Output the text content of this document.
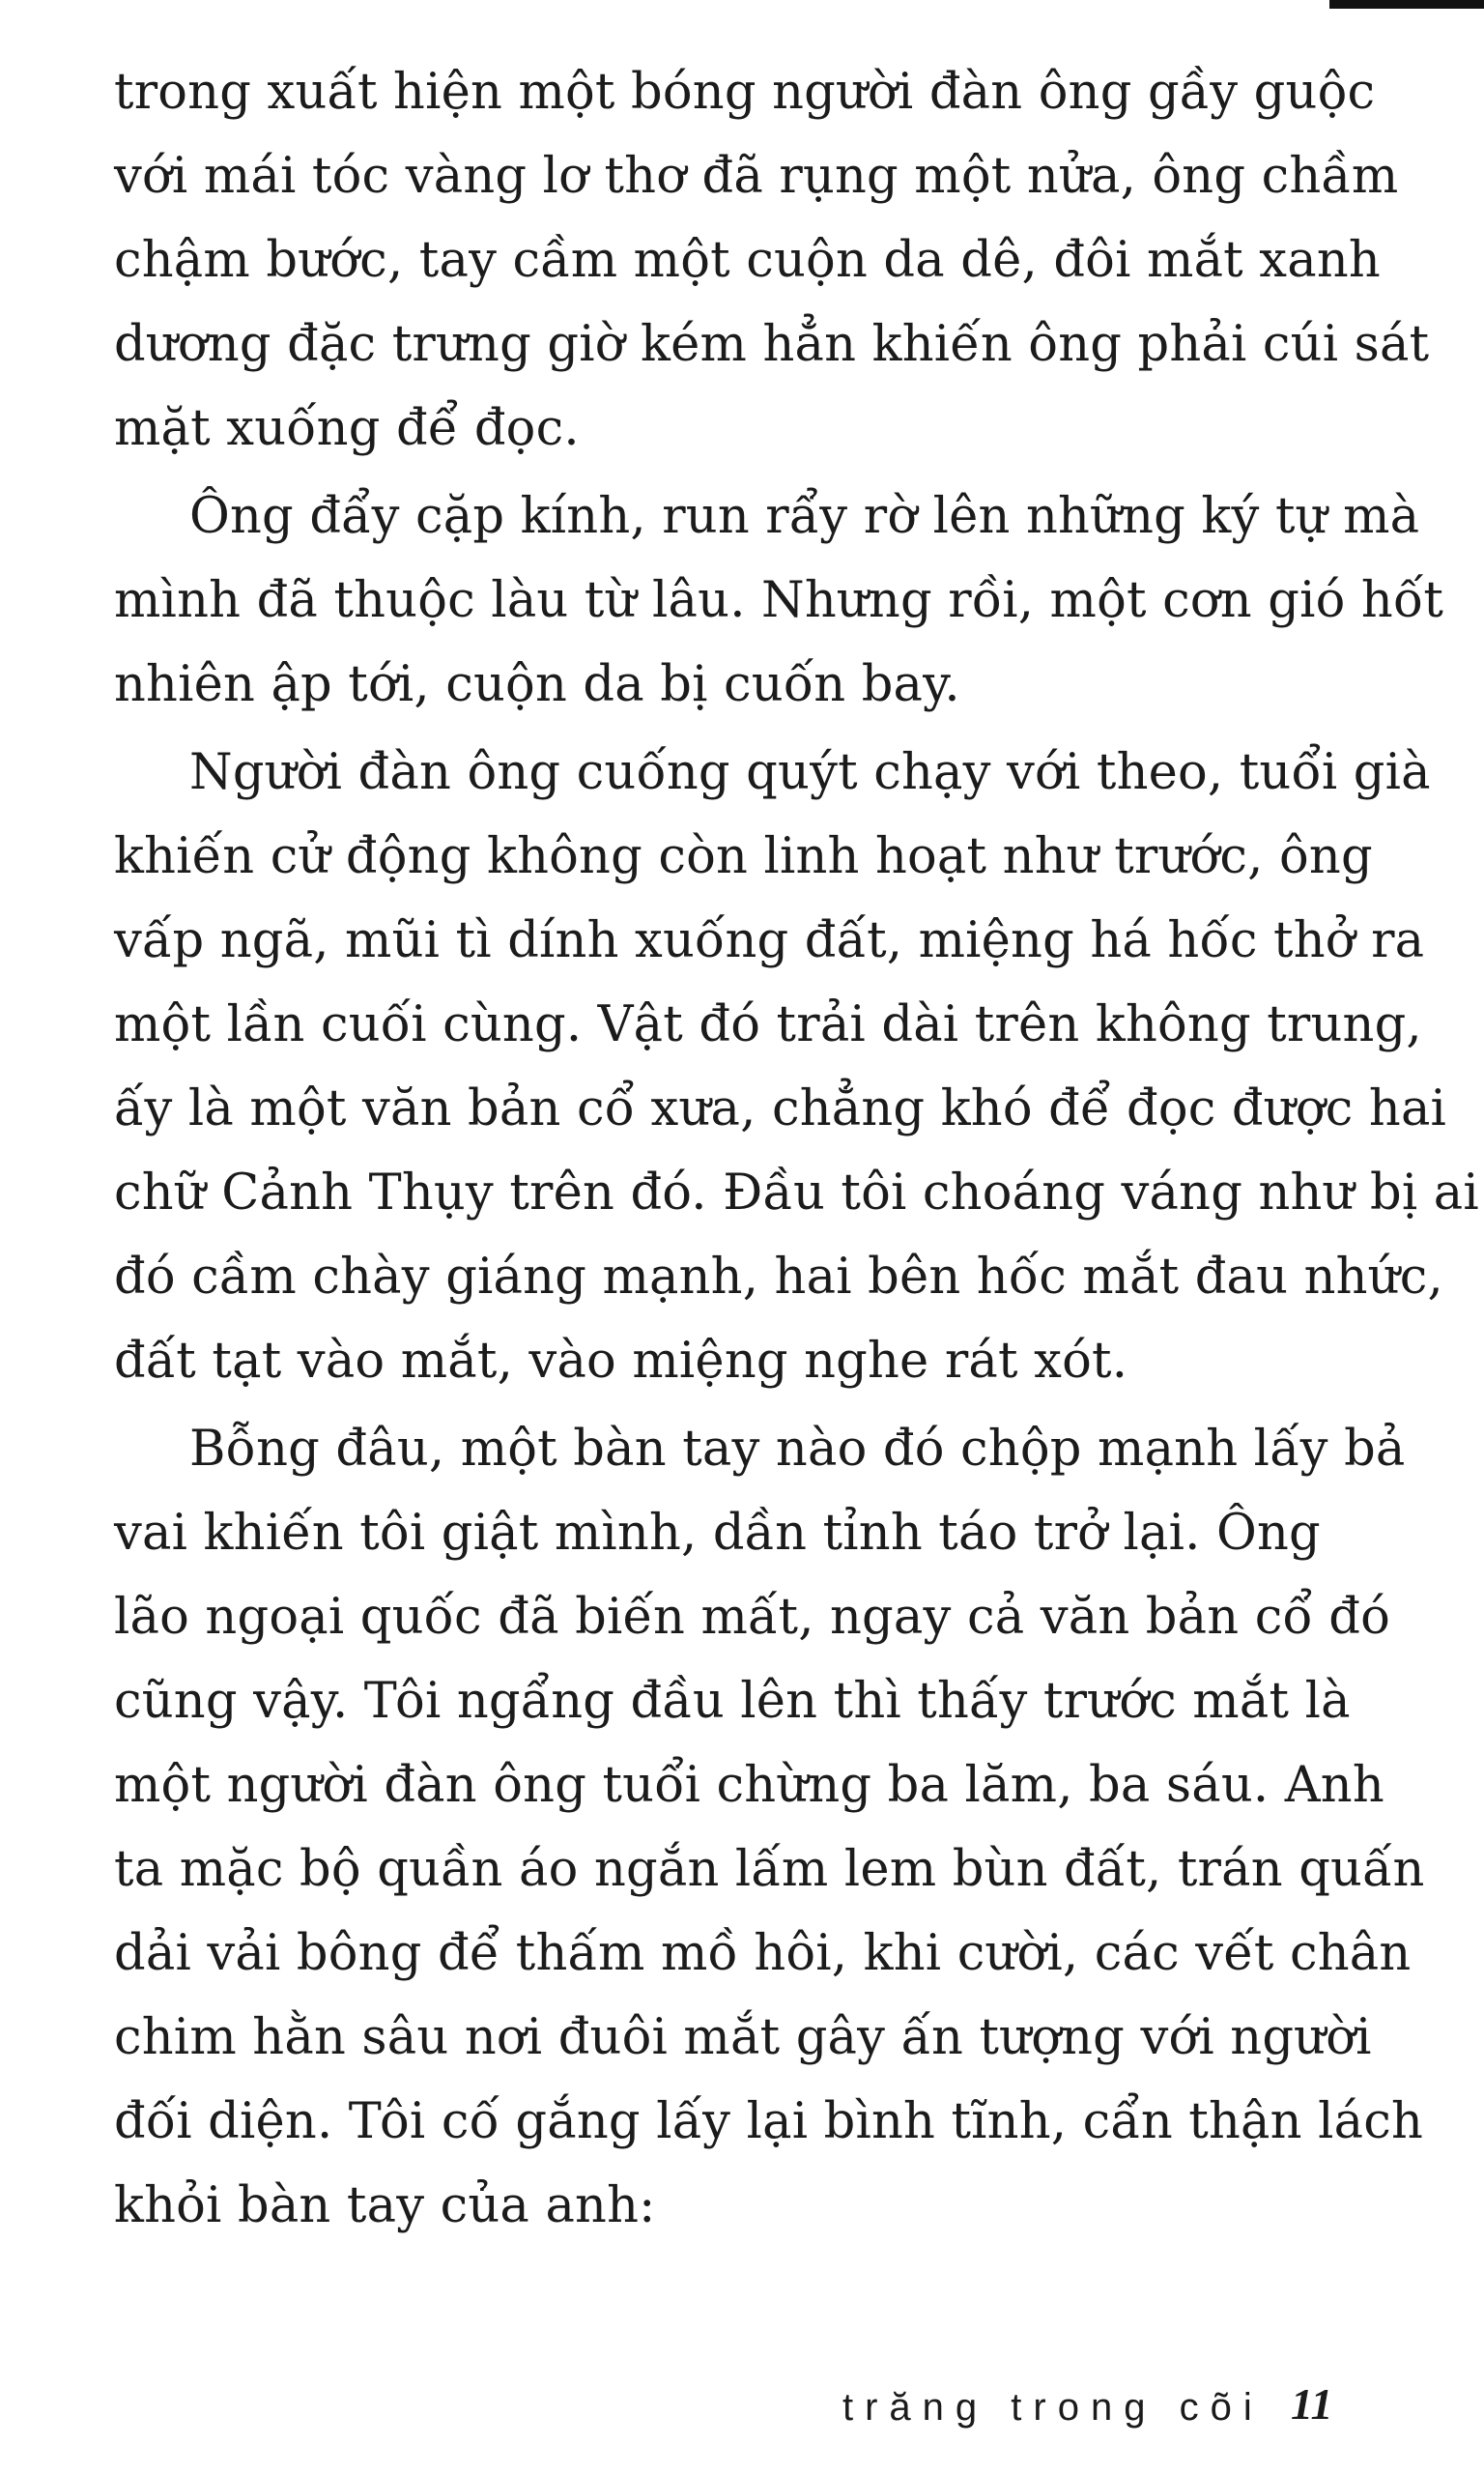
trong xuất hiện một bóng người đàn ông gầy guộc
với mái tóc vàng lơ thơ đã rụng một nửa, ông chầm
chậm bước, tay cầm một cuộn da dê, đôi mắt xanh
dương đặc trưng giờ kém hẳn khiến ông phải cúi sát
mặt xuống để đọc.

Ông đẩy cặp kính, run rẩy rờ lên những ký tự mà
mình đã thuộc làu từ lâu. Nhưng rồi, một cơn gió hốt
nhiên ập tới, cuộn da bị cuốn bay.

Người đàn ông cuống quýt chạy với theo, tuổi già
khiến cử động không còn linh hoạt như trước, ông
vấp ngã, mũi tì dính xuống đất, miệng há hốc thở ra
một lần cuối cùng. Vật đó trải dài trên không trung,
ấy là một văn bản cổ xưa, chẳng khó để đọc được hai
chữ Cảnh Thụy trên đó. Đầu tôi choáng váng như bị ai
đó cầm chày giáng mạnh, hai bên hốc mắt đau nhức,
đất tạt vào mắt, vào miệng nghe rát xót.

Bỗng đâu, một bàn tay nào đó chộp mạnh lấy bả
vai khiến tôi giật mình, dần tỉnh táo trở lại. Ông
lão ngoại quốc đã biến mất, ngay cả văn bản cổ đó
cũng vậy. Tôi ngẩng đầu lên thì thấy trước mắt là
một người đàn ông tuổi chừng ba lăm, ba sáu. Anh
ta mặc bộ quần áo ngắn lấm lem bùn đất, trán quấn
dải vải bông để thấm mồ hôi, khi cười, các vết chân
chim hằn sâu nơi đuôi mắt gây ấn tượng với người
đối diện. Tôi cố gắng lấy lại bình tĩnh, cẩn thận lách
khỏi bàn tay của anh:

trăng trong cõi 11
